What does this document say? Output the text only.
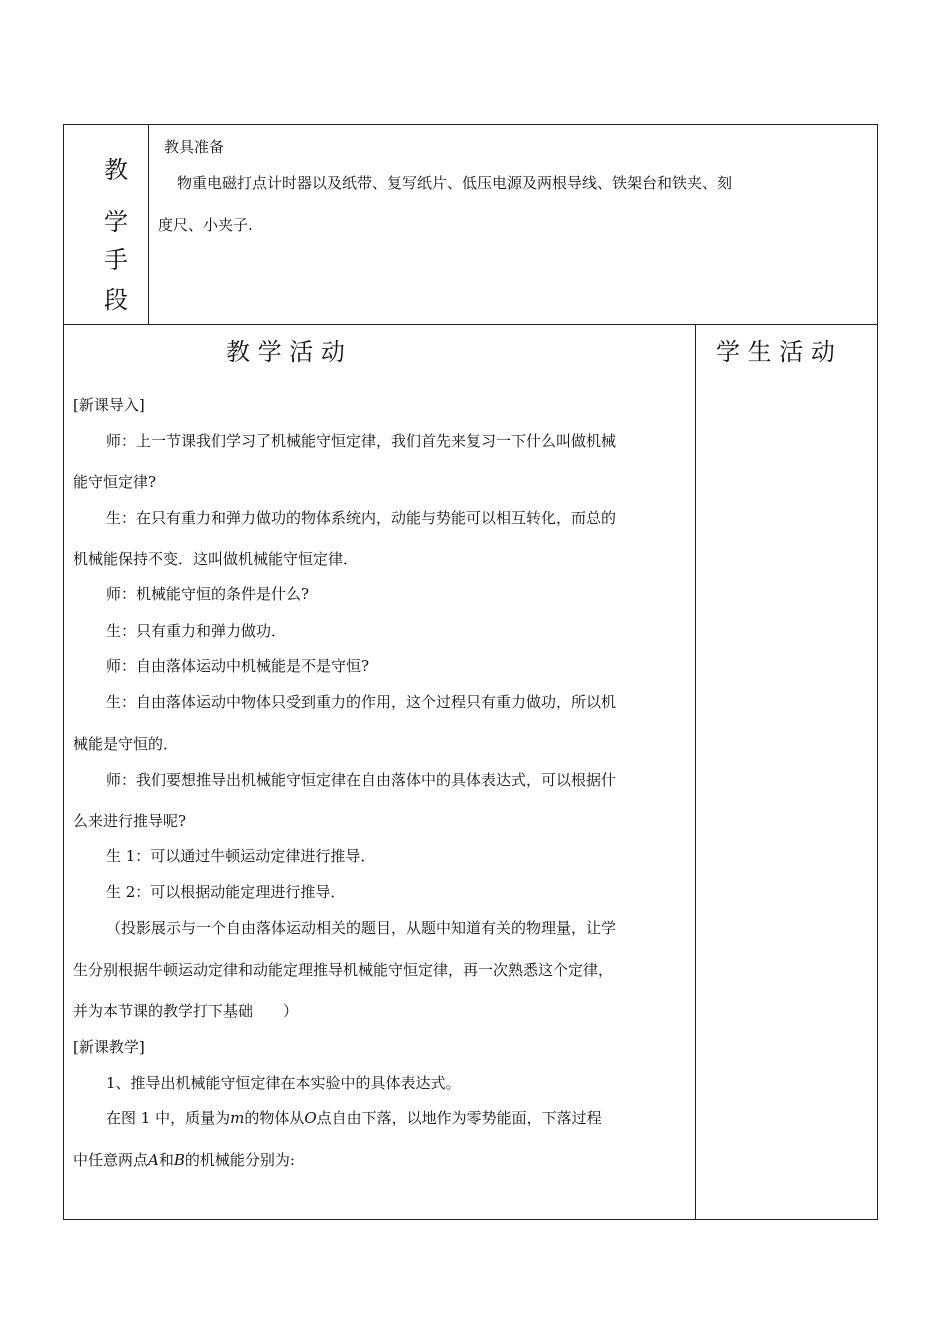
教
学
手
段
教具准备
物重电磁打点计时器以及纸带、复写纸片、低压电源及两根导线、铁架台和铁夹、刻
度尺、小夹子.
教 学 活 动	学 生 活 动
[新课导入]
师：上一节课我们学习了机械能守恒定律，我们首先来复习一下什么叫做机械
能守恒定律?
生：在只有重力和弹力做功的物体系统内，动能与势能可以相互转化，而总的
机械能保持不变．这叫做机械能守恒定律．
师：机械能守恒的条件是什么?
生：只有重力和弹力做功．
师：自由落体运动中机械能是不是守恒?
生：自由落体运动中物体只受到重力的作用，这个过程只有重力做功，所以机
械能是守恒的．
师：我们要想推导出机械能守恒定律在自由落体中的具体表达式，可以根据什
么来进行推导呢?
生 1：可以通过牛顿运动定律进行推导．
生 2：可以根据动能定理进行推导．
（投影展示与一个自由落体运动相关的题目，从题中知道有关的物理量，让学
生分别根据牛顿运动定律和动能定理推导机械能守恒定律，再一次熟悉这个定律，
并为本节课的教学打下基础　　）
[新课教学]
1、推导出机械能守恒定律在本实验中的具体表达式。
在图 1 中，质量为m的物体从O点自由下落，以地作为零势能面，下落过程
中任意两点A和B的机械能分别为:
